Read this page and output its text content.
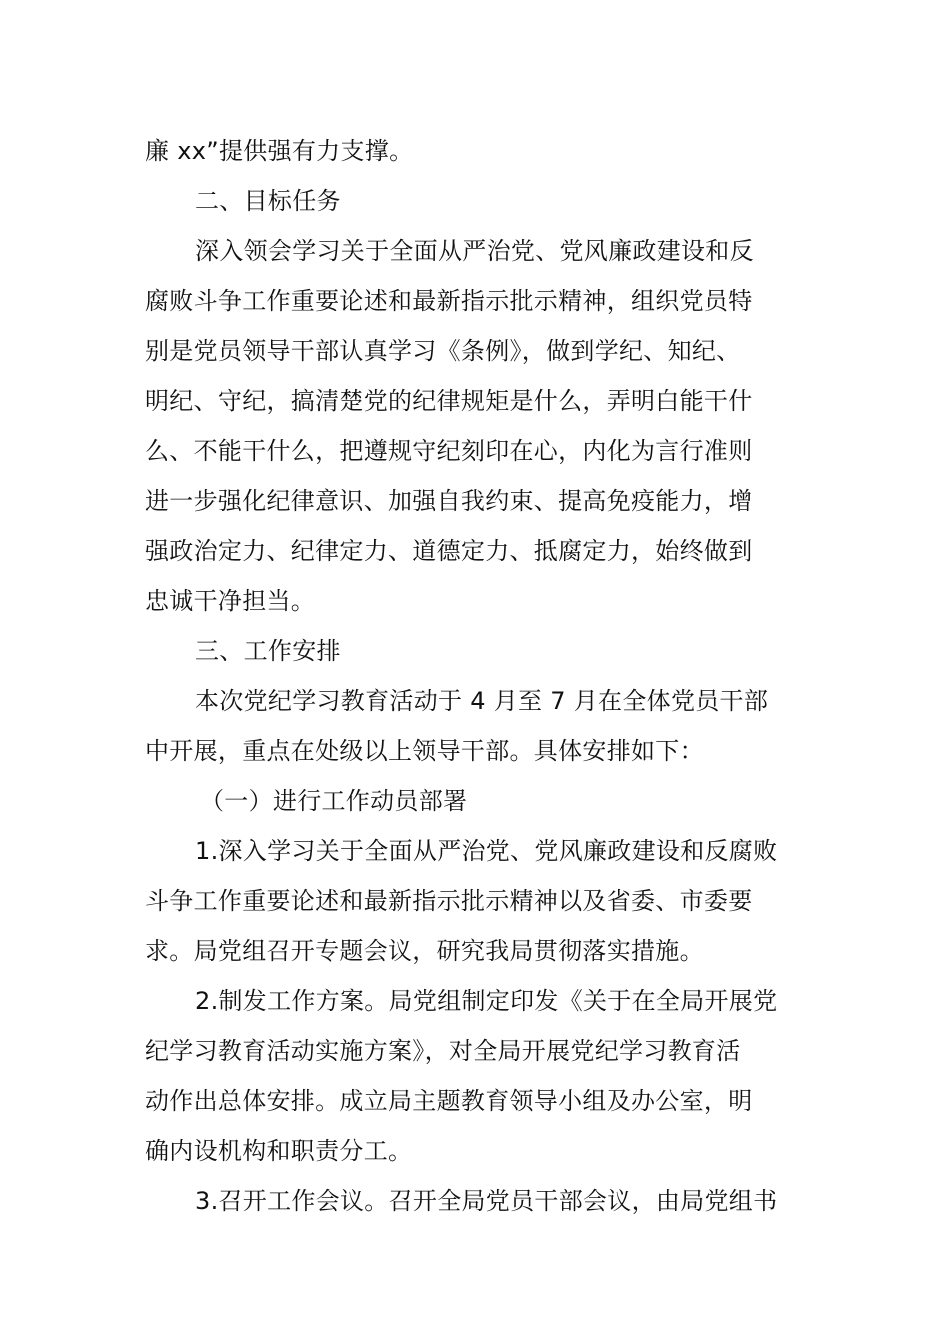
廉 xx”提供强有力支撑。
二、目标任务
深入领会学习关于全面从严治党、党风廉政建设和反
腐败斗争工作重要论述和最新指示批示精神，组织党员特
别是党员领导干部认真学习《条例》，做到学纪、知纪、
明纪、守纪，搞清楚党的纪律规矩是什么，弄明白能干什
么、不能干什么，把遵规守纪刻印在心，内化为言行准则
进一步强化纪律意识、加强自我约束、提高免疫能力，增
强政治定力、纪律定力、道德定力、抵腐定力，始终做到
忠诚干净担当。
三、工作安排
本次党纪学习教育活动于 4 月至 7 月在全体党员干部
中开展，重点在处级以上领导干部。具体安排如下：
（一）进行工作动员部署
1.深入学习关于全面从严治党、党风廉政建设和反腐败
斗争工作重要论述和最新指示批示精神以及省委、市委要
求。局党组召开专题会议，研究我局贯彻落实措施。
2.制发工作方案。局党组制定印发《关于在全局开展党
纪学习教育活动实施方案》，对全局开展党纪学习教育活
动作出总体安排。成立局主题教育领导小组及办公室，明
确内设机构和职责分工。
3.召开工作会议。召开全局党员干部会议，由局党组书
